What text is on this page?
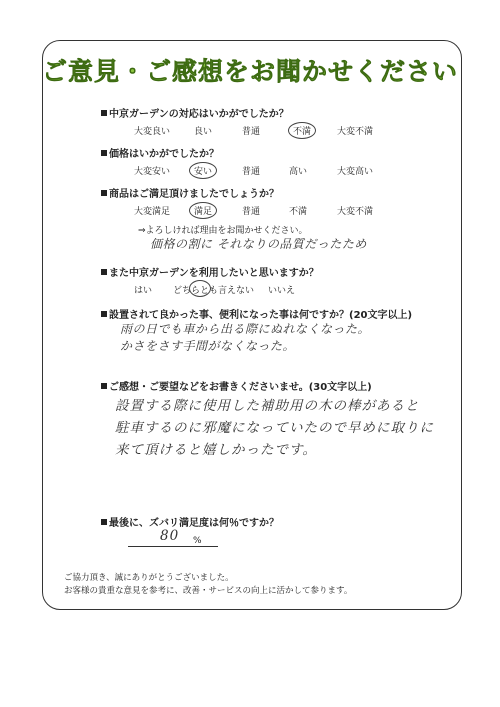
ご意見・ご感想をお聞かせください
中京ガーデンの対応はいかがでしたか？
大変良い	良い	普通	不満	大変不満
価格はいかがでしたか？
大変安い	安い	普通	高い	大変高い
商品はご満足頂けましたでしょうか？
大変満足	満足	普通	不満	大変不満
⇒よろしければ理由をお聞かせください。
価格の割に それなりの品質だったため
また中京ガーデンを利用したいと思いますか？
はい どちらとも言えない いいえ
設置されて良かった事、便利になった事は何ですか？(20文字以上)
雨の日でも車から出る際にぬれなくなった。
かさをさす手間がなくなった。
ご感想・ご要望などをお書きくださいませ。(30文字以上)
設置する際に使用した補助用の木の棒があると
駐車するのに邪魔になっていたので早めに取りに
来て頂けると嬉しかったです。
最後に、ズバリ満足度は何％ですか？
80 %
ご協力頂き、誠にありがとうございました。
お客様の貴重な意見を参考に、改善・サービスの向上に活かして参ります。
